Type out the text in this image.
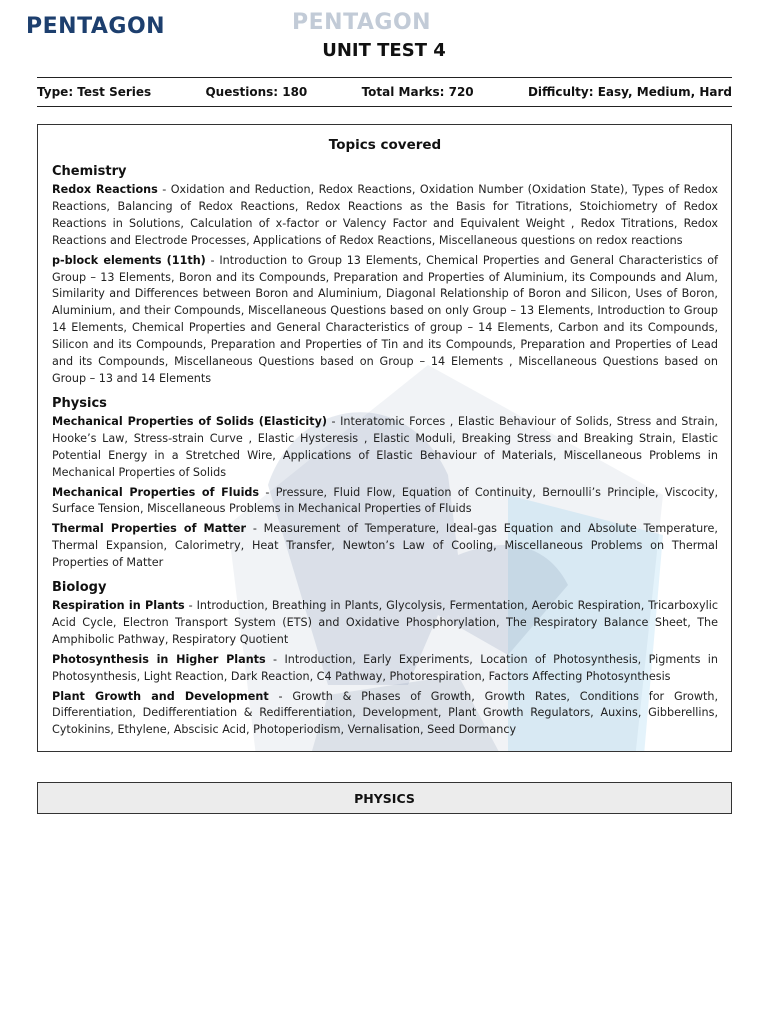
PENTAGON	PENTAGON
UNIT TEST 4
Type: Test Series	Questions: 180	Total Marks: 720	Difficulty: Easy, Medium, Hard
Topics covered
Chemistry

Redox Reactions - Oxidation and Reduction, Redox Reactions, Oxidation Number (Oxidation State), Types of Redox Reactions, Balancing of Redox Reactions, Redox Reactions as the Basis for Titrations, Stoichiometry of Redox Reactions in Solutions, Calculation of x-factor or Valency Factor and Equivalent Weight , Redox Titrations, Redox Reactions and Electrode Processes, Applications of Redox Reactions, Miscellaneous questions on redox reactions

p-block elements (11th) - Introduction to Group 13 Elements, Chemical Properties and General Characteristics of Group – 13 Elements, Boron and its Compounds, Preparation and Properties of Aluminium, its Compounds and Alum, Similarity and Differences between Boron and Aluminium, Diagonal Relationship of Boron and Silicon, Uses of Boron, Aluminium, and their Compounds, Miscellaneous Questions based on only Group – 13 Elements, Introduction to Group 14 Elements, Chemical Properties and General Characteristics of group – 14 Elements, Carbon and its Compounds, Silicon and its Compounds, Preparation and Properties of Tin and its Compounds, Preparation and Properties of Lead and its Compounds, Miscellaneous Questions based on Group – 14 Elements , Miscellaneous Questions based on Group – 13 and 14 Elements

Physics

Mechanical Properties of Solids (Elasticity) - Interatomic Forces , Elastic Behaviour of Solids, Stress and Strain, Hooke’s Law, Stress-strain Curve , Elastic Hysteresis , Elastic Moduli, Breaking Stress and Breaking Strain, Elastic Potential Energy in a Stretched Wire, Applications of Elastic Behaviour of Materials, Miscellaneous Problems in Mechanical Properties of Solids

Mechanical Properties of Fluids - Pressure, Fluid Flow, Equation of Continuity, Bernoulli’s Principle, Viscocity, Surface Tension, Miscellaneous Problems in Mechanical Properties of Fluids

Thermal Properties of Matter - Measurement of Temperature, Ideal-gas Equation and Absolute Temperature, Thermal Expansion, Calorimetry, Heat Transfer, Newton’s Law of Cooling, Miscellaneous Problems on Thermal Properties of Matter

Biology

Respiration in Plants - Introduction, Breathing in Plants, Glycolysis, Fermentation, Aerobic Respiration, Tricarboxylic Acid Cycle, Electron Transport System (ETS) and Oxidative Phosphorylation, The Respiratory Balance Sheet, The Amphibolic Pathway, Respiratory Quotient

Photosynthesis in Higher Plants - Introduction, Early Experiments, Location of Photosynthesis, Pigments in Photosynthesis, Light Reaction, Dark Reaction, C4 Pathway, Photorespiration, Factors Affecting Photosynthesis

Plant Growth and Development - Growth & Phases of Growth, Growth Rates, Conditions for Growth, Differentiation, Dedifferentiation & Redifferentiation, Development, Plant Growth Regulators, Auxins, Gibberellins, Cytokinins, Ethylene, Abscisic Acid, Photoperiodism, Vernalisation, Seed Dormancy

PHYSICS
